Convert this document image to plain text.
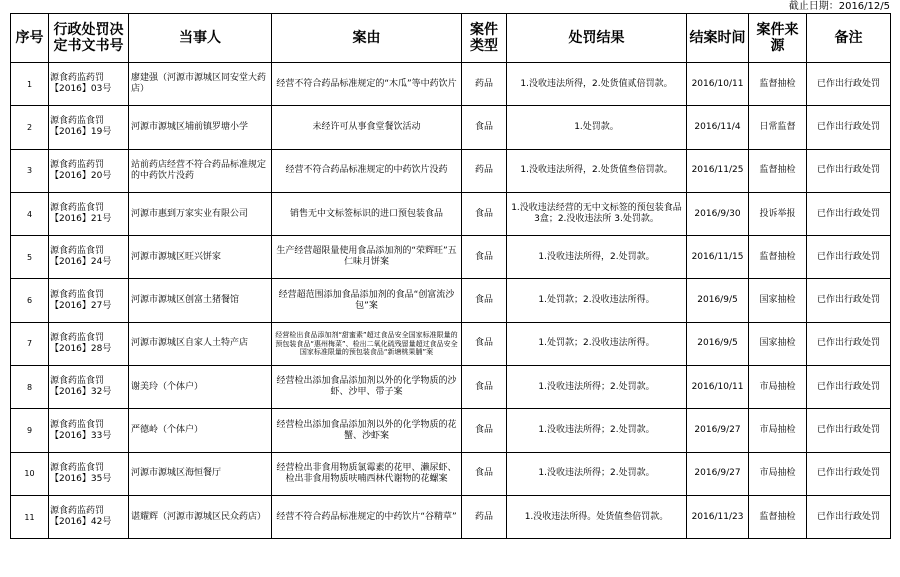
截止日期：2016/12/5
序号	行政处罚决定书文书号	当事人	案由	案件类型	处罚结果	结案时间	案件来源	备注
1	源食药监药罚【2016】03号	廖建强（河源市源城区同安堂大药店）	经营不符合药品标准规定的“木瓜”等中药饮片	药品	1.没收违法所得，2.处货值贰倍罚款。	2016/10/11	监督抽检	已作出行政处罚
2	源食药监食罚【2016】19号	河源市源城区埔前镇罗塘小学	未经许可从事食堂餐饮活动	食品	1.处罚款。	2016/11/4	日常监督	已作出行政处罚
3	源食药监药罚【2016】20号	站前药店经营不符合药品标准规定的中药饮片没药	经营不符合药品标准规定的中药饮片没药	药品	1.没收违法所得，2.处货值叁倍罚款。	2016/11/25	监督抽检	已作出行政处罚
4	源食药监食罚【2016】21号	河源市惠到万家实业有限公司	销售无中文标签标识的进口预包装食品	食品	1.没收违法经营的无中文标签的预包装食品3盒；2.没收违法所 3.处罚款。	2016/9/30	投诉举报	已作出行政处罚
5	源食药监食罚【2016】24号	河源市源城区旺兴饼家	生产经营超限量使用食品添加剂的“荣辉旺”五仁味月饼案	食品	1.没收违法所得，2.处罚款。	2016/11/15	监督抽检	已作出行政处罚
6	源食药监食罚【2016】27号	河源市源城区创富土猪餐馆	经营超范围添加食品添加剂的食品“创富流沙包”案	食品	1.处罚款；2.没收违法所得。	2016/9/5	国家抽检	已作出行政处罚
7	源食药监食罚【2016】28号	河源市源城区自家人土特产店	经营检出食品添加剂“甜蜜素”超过食品安全国家标准限量的预包装食品“惠州梅菜”、检出二氧化硫残留量超过食品安全国家标准限量的预包装食品“新塘桃果脯”案	食品	1.处罚款；2.没收违法所得。	2016/9/5	国家抽检	已作出行政处罚
8	源食药监食罚【2016】32号	谢美玲（个体户）	经营检出添加食品添加剂以外的化学物质的沙虾、沙甲、带子案	食品	1.没收违法所得；2.处罚款。	2016/10/11	市局抽检	已作出行政处罚
9	源食药监食罚【2016】33号	严德岭（个体户）	经营检出添加食品添加剂以外的化学物质的花蟹、沙虾案	食品	1.没收违法所得；2.处罚款。	2016/9/27	市局抽检	已作出行政处罚
10	源食药监食罚【2016】35号	河源市源城区海恒餐厅	经营检出非食用物质氯霉素的花甲、濑尿虾、检出非食用物质呋喃西林代谢物的花螺案	食品	1.没收违法所得；2.处罚款。	2016/9/27	市局抽检	已作出行政处罚
11	源食药监药罚【2016】42号	谌耀辉（河源市源城区民众药店）	经营不符合药品标准规定的中药饮片“谷精草”	药品	1.没收违法所得。处货值叁倍罚款。	2016/11/23	监督抽检	已作出行政处罚
